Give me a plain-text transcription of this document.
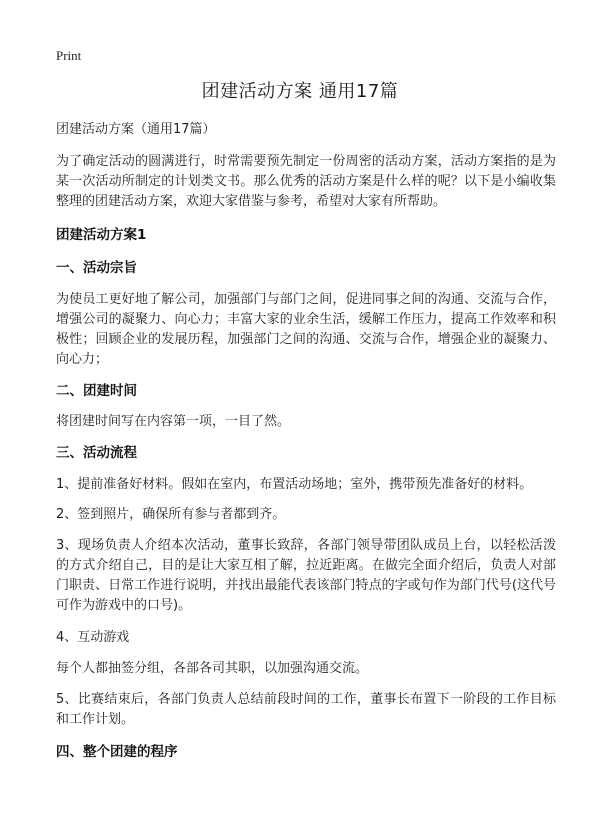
Print
团建活动方案 通用17篇

团建活动方案（通用17篇）

为了确定活动的圆满进行，时常需要预先制定一份周密的活动方案，活动方案指的是为某一次活动所制定的计划类文书。那么优秀的活动方案是什么样的呢？以下是小编收集整理的团建活动方案，欢迎大家借鉴与参考，希望对大家有所帮助。

团建活动方案1

一、活动宗旨

为使员工更好地了解公司，加强部门与部门之间，促进同事之间的沟通、交流与合作，增强公司的凝聚力、向心力；丰富大家的业余生活，缓解工作压力，提高工作效率和积极性；回顾企业的发展历程，加强部门之间的沟通、交流与合作，增强企业的凝聚力、向心力；

二、团建时间

将团建时间写在内容第一项，一目了然。

三、活动流程

1、提前准备好材料。假如在室内，布置活动场地；室外，携带预先准备好的材料。

2、签到照片，确保所有参与者都到齐。

3、现场负责人介绍本次活动，董事长致辞，各部门领导带团队成员上台，以轻松活泼的方式介绍自己，目的是让大家互相了解，拉近距离。在做完全面介绍后，负责人对部门职责、日常工作进行说明，并找出最能代表该部门特点的字或句作为部门代号(这代号可作为游戏中的口号)。

4、互动游戏

每个人都抽签分组，各部各司其职，以加强沟通交流。

5、比赛结束后，各部门负责人总结前段时间的工作，董事长布置下一阶段的工作目标和工作计划。

四、整个团建的程序
